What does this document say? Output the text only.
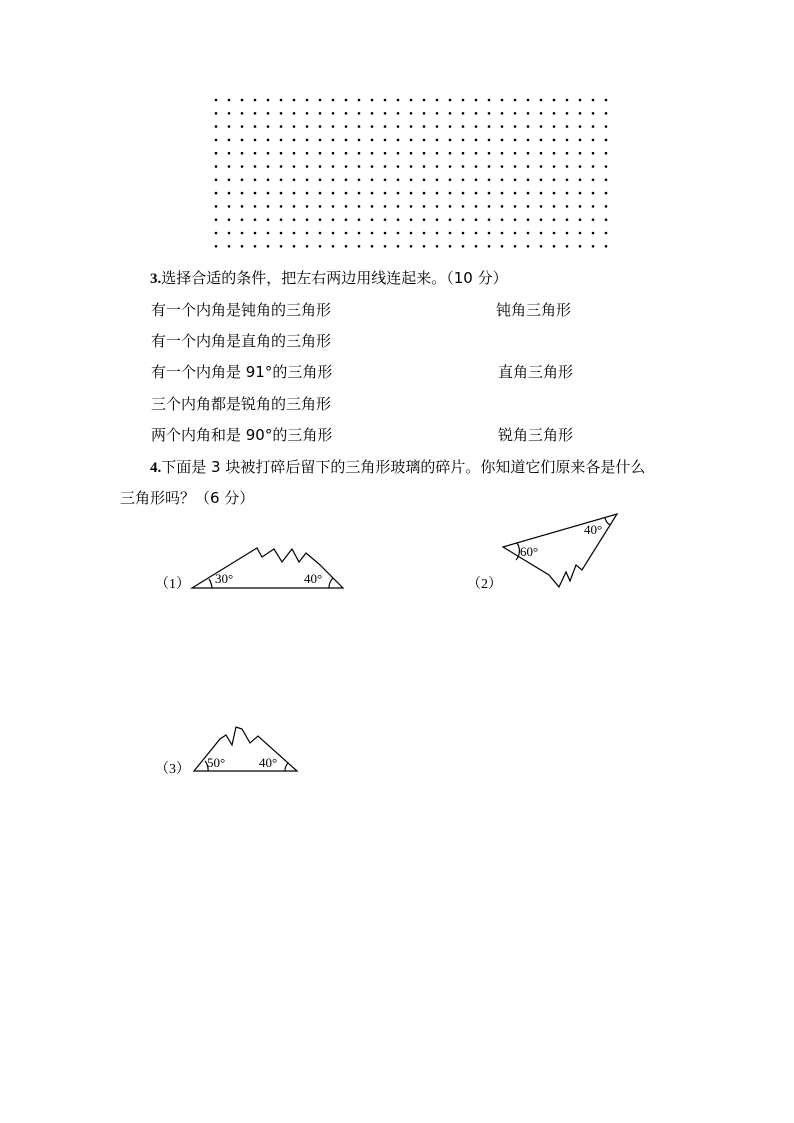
3.选择合适的条件，把左右两边用线连起来。（10 分）
有一个内角是钝角的三角形
有一个内角是直角的三角形
有一个内角是 91°的三角形
三个内角都是锐角的三角形
两个内角和是 90°的三角形
钝角三角形
直角三角形
锐角三角形
4.下面是 3 块被打碎后留下的三角形玻璃的碎片。你知道它们原来各是什么
三角形吗？（6 分）
（1） 30°	40°	（2）
60°
40°
（3） 50°	40°
